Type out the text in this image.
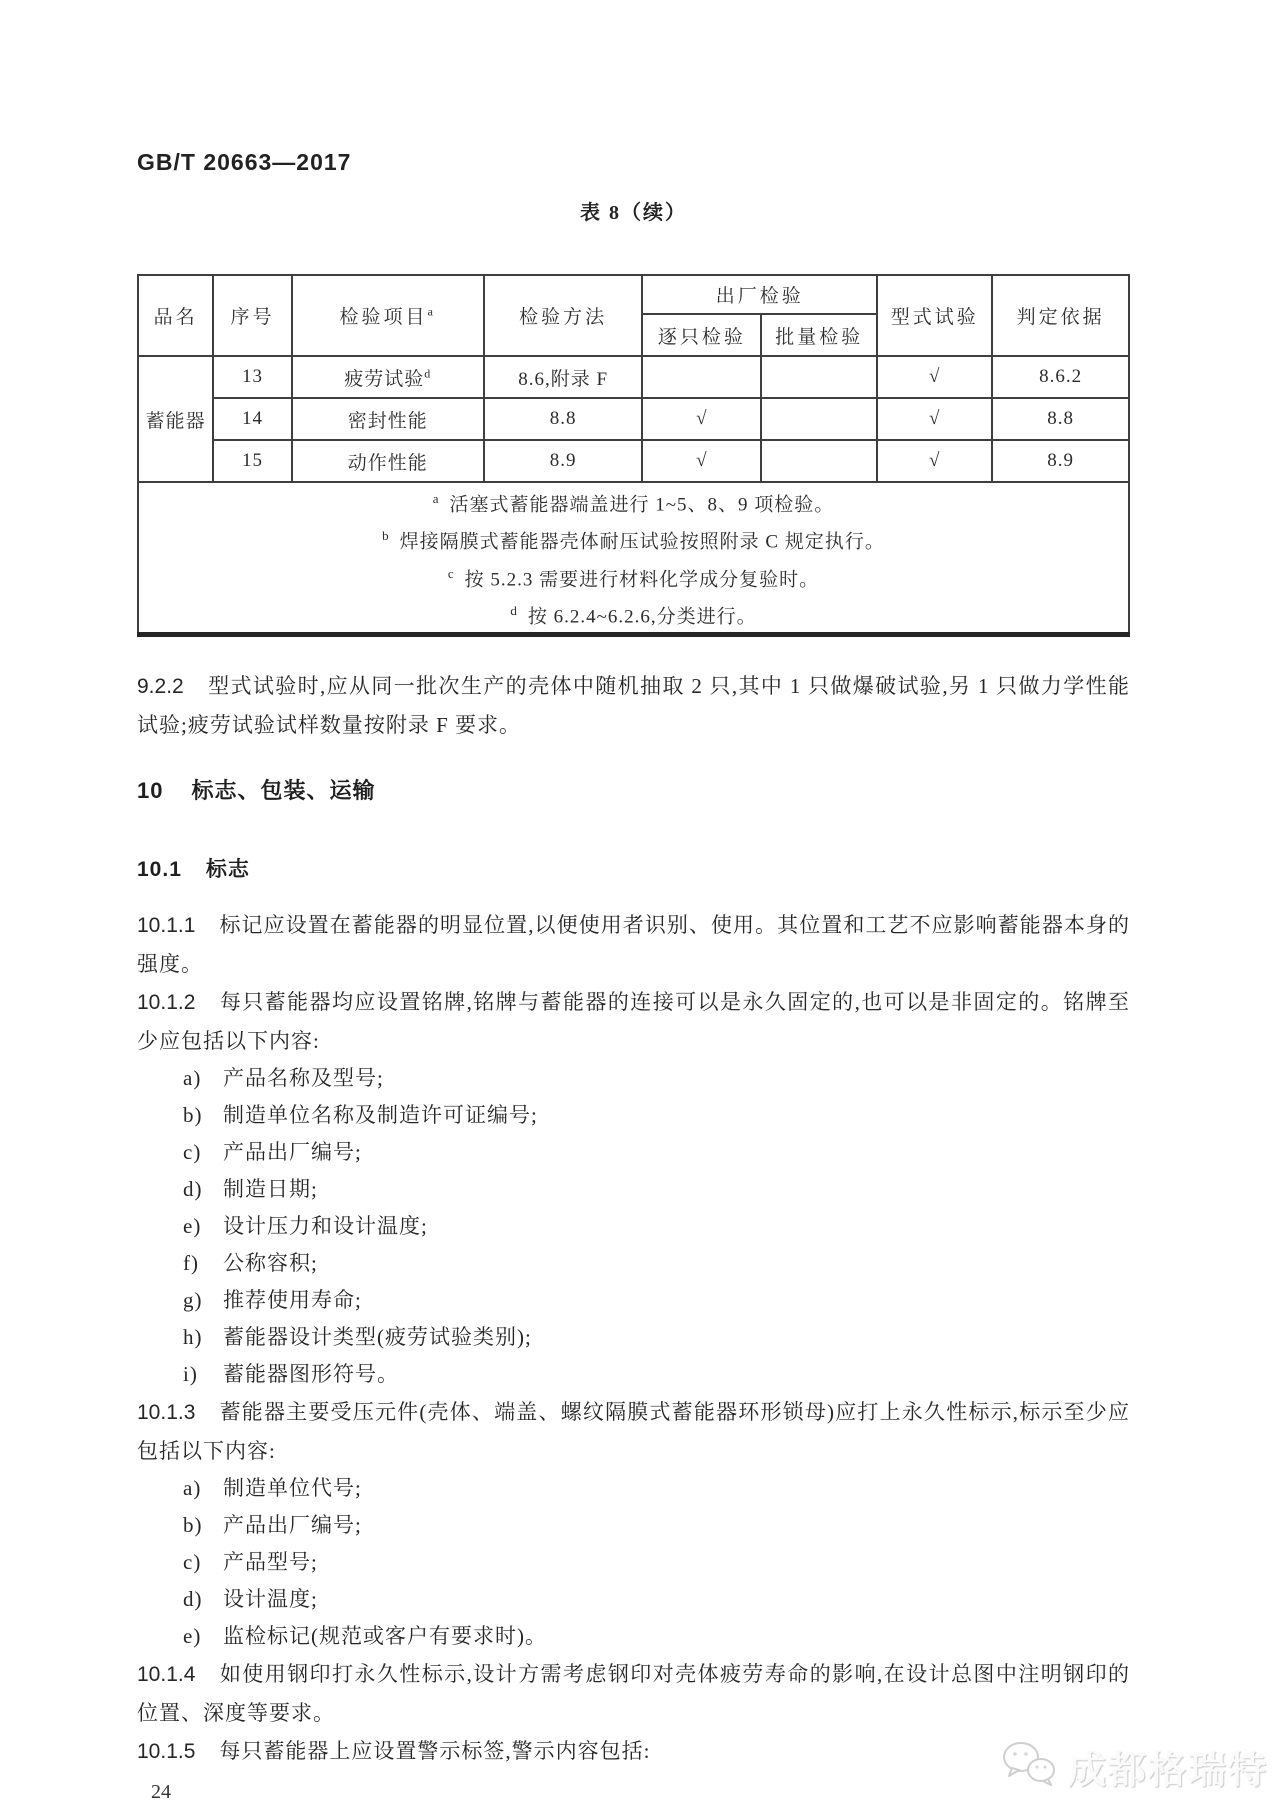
GB/T 20663—2017
表 8（续）
品名	序号	检验项目$^a$	检验方法	出厂检验		型式试验	判定依据
				逐只检验	批量检验		
蓄能器	13	疲劳试验$^d$	8.6,附录 F			√	8.6.2
	14	密封性能	8.8	√		√	8.8
	15	动作性能	8.9	√		√	8.9

$^a$ 活塞式蓄能器端盖进行 1~5、8、9 项检验。
$^b$ 焊接隔膜式蓄能器壳体耐压试验按照附录 C 规定执行。
$^c$ 按 5.2.3 需要进行材料化学成分复验时。
$^d$ 按 6.2.4~6.2.6,分类进行。							

9.2.2 型式试验时,应从同一批次生产的壳体中随机抽取 2 只,其中 1 只做爆破试验,另 1 只做力学性能试验;疲劳试验试样数量按附录 F 要求。

10 标志、包装、运输
10.1 标志

10.1.1 标记应设置在蓄能器的明显位置,以便使用者识别、使用。其位置和工艺不应影响蓄能器本身的强度。

10.1.2 每只蓄能器均应设置铭牌,铭牌与蓄能器的连接可以是永久固定的,也可以是非固定的。铭牌至少应包括以下内容:

a) 产品名称及型号;
b) 制造单位名称及制造许可证编号;
c) 产品出厂编号;
d) 制造日期;
e) 设计压力和设计温度;
f) 公称容积;
g) 推荐使用寿命;
h) 蓄能器设计类型(疲劳试验类别);
i) 蓄能器图形符号。

10.1.3 蓄能器主要受压元件(壳体、端盖、螺纹隔膜式蓄能器环形锁母)应打上永久性标示,标示至少应包括以下内容:

a) 制造单位代号;
b) 产品出厂编号;
c) 产品型号;
d) 设计温度;
e) 监检标记(规范或客户有要求时)。

10.1.4 如使用钢印打永久性标示,设计方需考虑钢印对壳体疲劳寿命的影响,在设计总图中注明钢印的位置、深度等要求。

10.1.5 每只蓄能器上应设置警示标签,警示内容包括:

24
成都格瑞特
